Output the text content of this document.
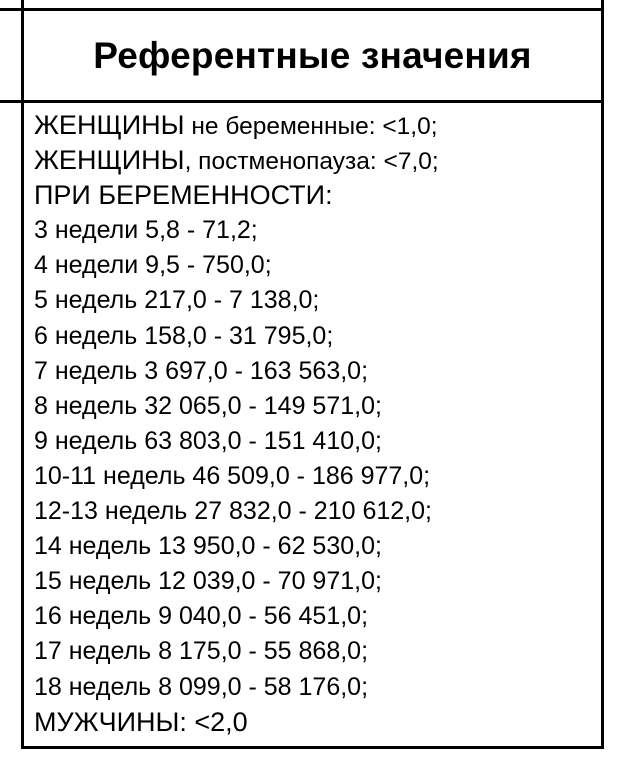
Референтные значения
ЖЕНЩИНЫ не беременные: <1,0;
ЖЕНЩИНЫ, постменопауза: <7,0;
ПРИ БЕРЕМЕННОСТИ:
3 недели 5,8 - 71,2;
4 недели 9,5 - 750,0;
5 недель 217,0 - 7 138,0;
6 недель 158,0 - 31 795,0;
7 недель 3 697,0 - 163 563,0;
8 недель 32 065,0 - 149 571,0;
9 недель 63 803,0 - 151 410,0;
10-11 недель 46 509,0 - 186 977,0;
12-13 недель 27 832,0 - 210 612,0;
14 недель 13 950,0 - 62 530,0;
15 недель 12 039,0 - 70 971,0;
16 недель 9 040,0 - 56 451,0;
17 недель 8 175,0 - 55 868,0;
18 недель 8 099,0 - 58 176,0;
МУЖЧИНЫ: <2,0
